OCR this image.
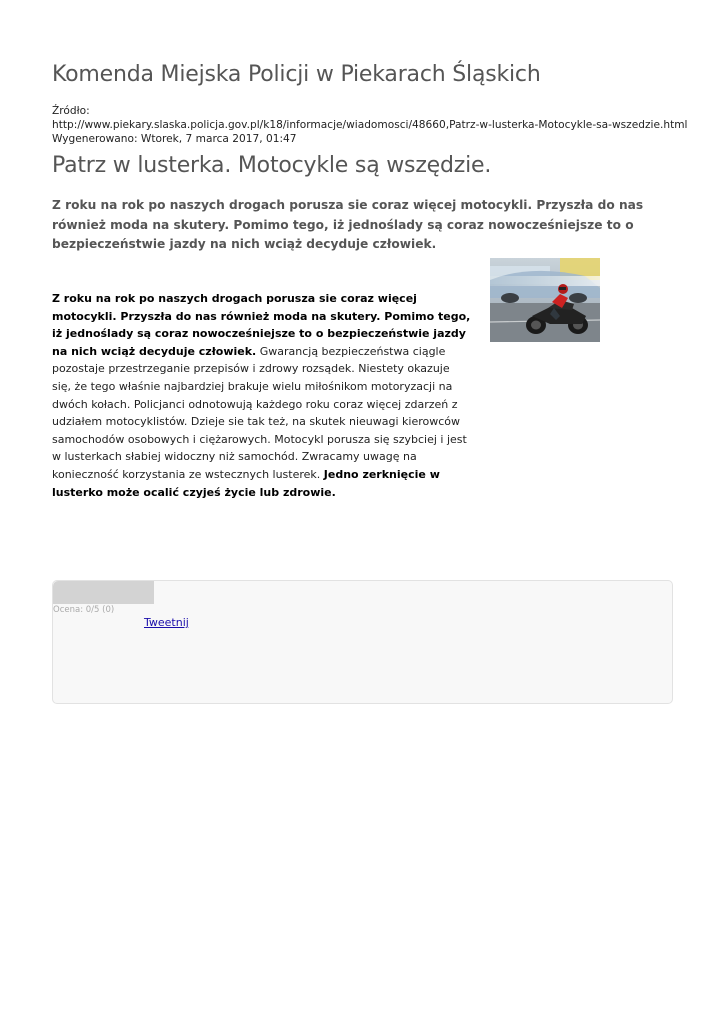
Komenda Miejska Policji w Piekarach Śląskich
Źródło:
http://www.piekary.slaska.policja.gov.pl/k18/informacje/wiadomosci/48660,Patrz-w-lusterka-Motocykle-sa-wszedzie.html
Wygenerowano: Wtorek, 7 marca 2017, 01:47
Patrz w lusterka. Motocykle są wszędzie.

Z roku na rok po naszych drogach porusza sie coraz więcej motocykli. Przyszła do nas również moda na skutery. Pomimo tego, iż jednoślady są coraz nowocześniejsze to o bezpieczeństwie jazdy na nich wciąż decyduje człowiek.

Z roku na rok po naszych drogach porusza sie coraz więcej motocykli. Przyszła do nas również moda na skutery. Pomimo tego, iż jednoślady są coraz nowocześniejsze to o bezpieczeństwie jazdy na nich wciąż decyduje człowiek. Gwarancją bezpieczeństwa ciągle pozostaje przestrzeganie przepisów i zdrowy rozsądek. Niestety okazuje się, że tego właśnie najbardziej brakuje wielu miłośnikom motoryzacji na dwóch kołach. Policjanci odnotowują każdego roku coraz więcej zdarzeń z udziałem motocyklistów. Dzieje sie tak też, na skutek nieuwagi kierowców samochodów osobowych i ciężarowych. Motocykl porusza się szybciej i jest w lusterkach słabiej widoczny niż samochód. Zwracamy uwagę na konieczność korzystania ze wstecznych lusterek. Jedno zerknięcie w lusterko może ocalić czyjeś życie lub zdrowie.

Ocena: 0/5 (0)
Tweetnij
